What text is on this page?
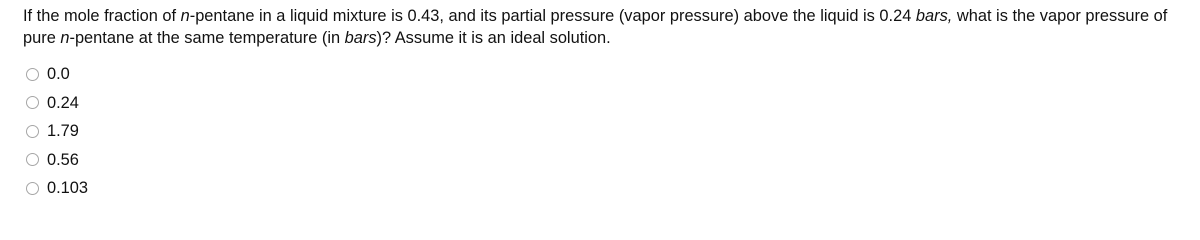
If the mole fraction of n-pentane in a liquid mixture is 0.43, and its partial pressure (vapor pressure) above the liquid is 0.24 bars, what is the vapor pressure of pure n-pentane at the same temperature (in bars)? Assume it is an ideal solution.

0.0
0.24
1.79
0.56
0.103
